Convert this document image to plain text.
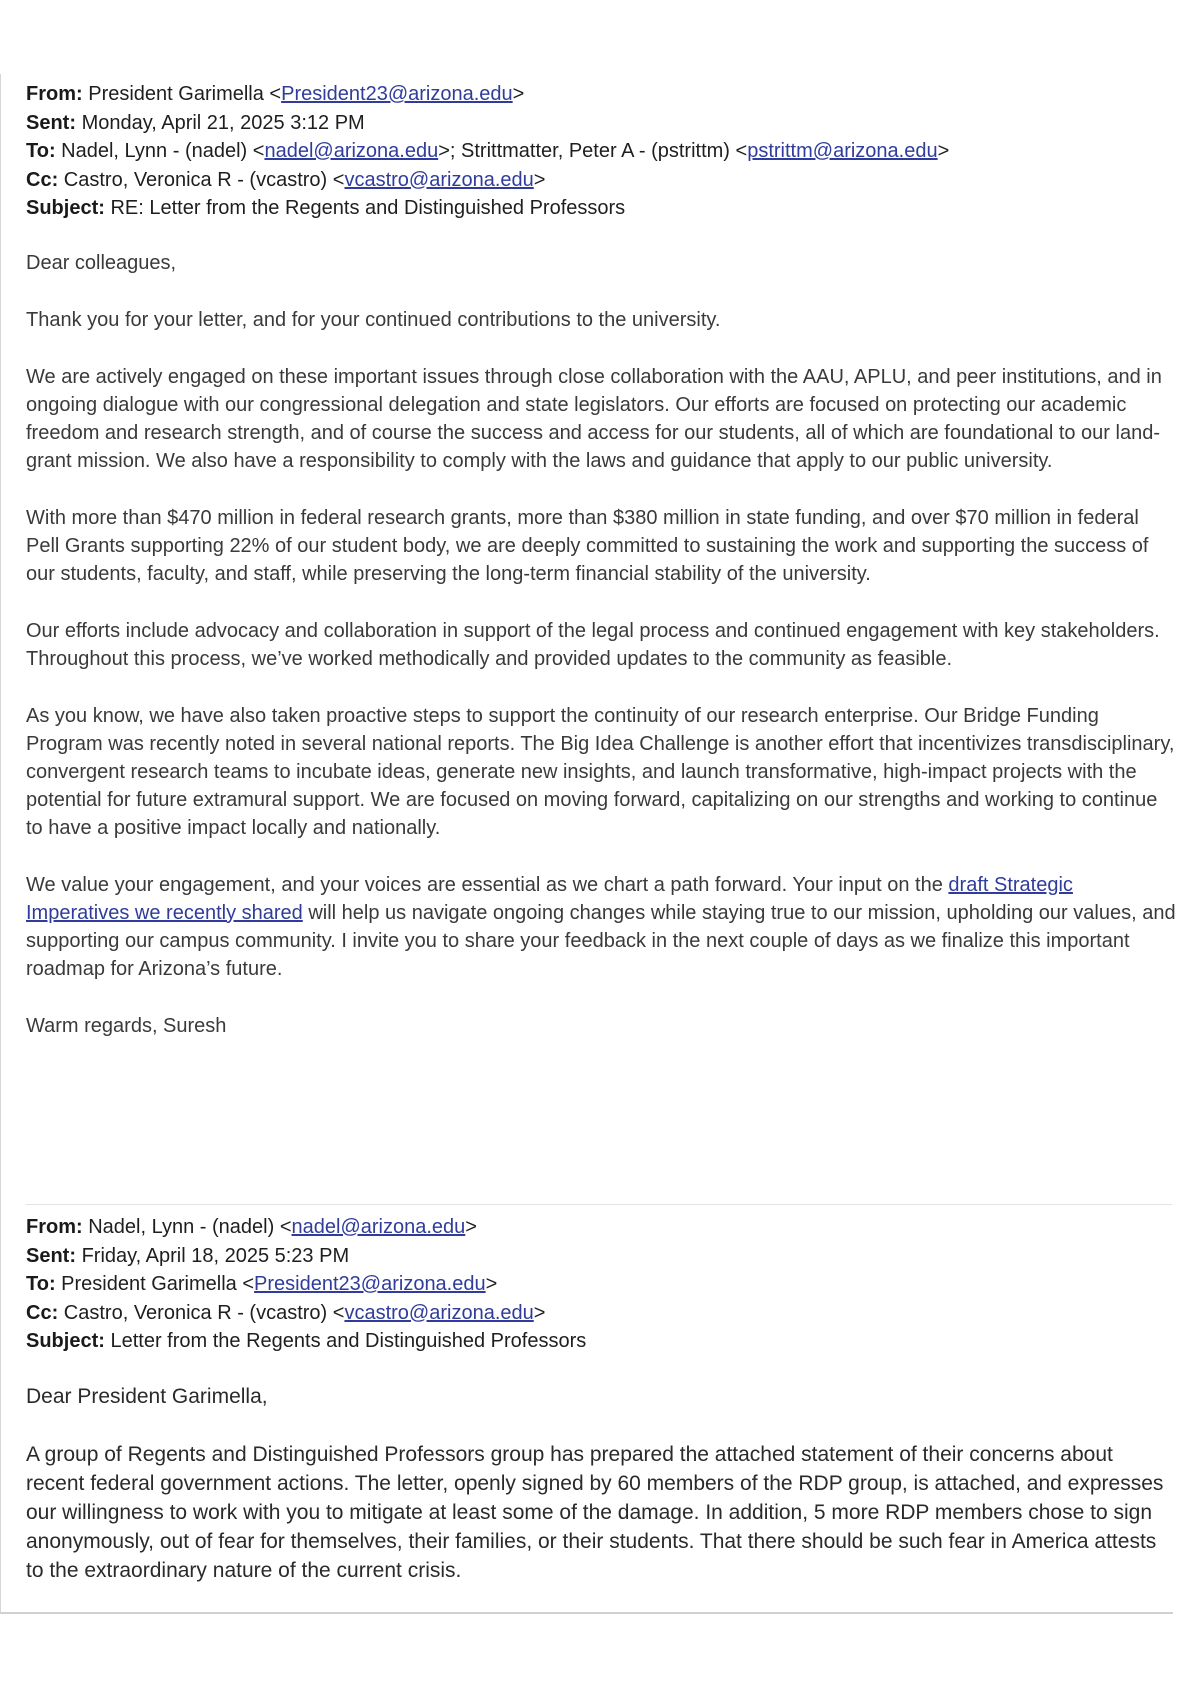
From: President Garimella <President23@arizona.edu>
Sent: Monday, April 21, 2025 3:12 PM
To: Nadel, Lynn - (nadel) <nadel@arizona.edu>; Strittmatter, Peter A - (pstrittm) <pstrittm@arizona.edu>
Cc: Castro, Veronica R - (vcastro) <vcastro@arizona.edu>
Subject: RE: Letter from the Regents and Distinguished Professors

Dear colleagues,

Thank you for your letter, and for your continued contributions to the university.

We are actively engaged on these important issues through close collaboration with the AAU, APLU, and peer institutions, and in ongoing dialogue with our congressional delegation and state legislators. Our efforts are focused on protecting our academic freedom and research strength, and of course the success and access for our students, all of which are foundational to our land-grant mission. We also have a responsibility to comply with the laws and guidance that apply to our public university.

With more than $470 million in federal research grants, more than $380 million in state funding, and over $70 million in federal Pell Grants supporting 22% of our student body, we are deeply committed to sustaining the work and supporting the success of our students, faculty, and staff, while preserving the long-term financial stability of the university.

Our efforts include advocacy and collaboration in support of the legal process and continued engagement with key stakeholders. Throughout this process, we’ve worked methodically and provided updates to the community as feasible.

As you know, we have also taken proactive steps to support the continuity of our research enterprise. Our Bridge Funding Program was recently noted in several national reports. The Big Idea Challenge is another effort that incentivizes transdisciplinary, convergent research teams to incubate ideas, generate new insights, and launch transformative, high-impact projects with the potential for future extramural support. We are focused on moving forward, capitalizing on our strengths and working to continue to have a positive impact locally and nationally.

We value your engagement, and your voices are essential as we chart a path forward. Your input on the draft Strategic Imperatives we recently shared will help us navigate ongoing changes while staying true to our mission, upholding our values, and supporting our campus community. I invite you to share your feedback in the next couple of days as we finalize this important roadmap for Arizona’s future.

Warm regards, Suresh

From: Nadel, Lynn - (nadel) <nadel@arizona.edu>
Sent: Friday, April 18, 2025 5:23 PM
To: President Garimella <President23@arizona.edu>
Cc: Castro, Veronica R - (vcastro) <vcastro@arizona.edu>
Subject: Letter from the Regents and Distinguished Professors

Dear President Garimella,

A group of Regents and Distinguished Professors group has prepared the attached statement of their concerns about recent federal government actions. The letter, openly signed by 60 members of the RDP group, is attached, and expresses our willingness to work with you to mitigate at least some of the damage. In addition, 5 more RDP members chose to sign anonymously, out of fear for themselves, their families, or their students. That there should be such fear in America attests to the extraordinary nature of the current crisis.
